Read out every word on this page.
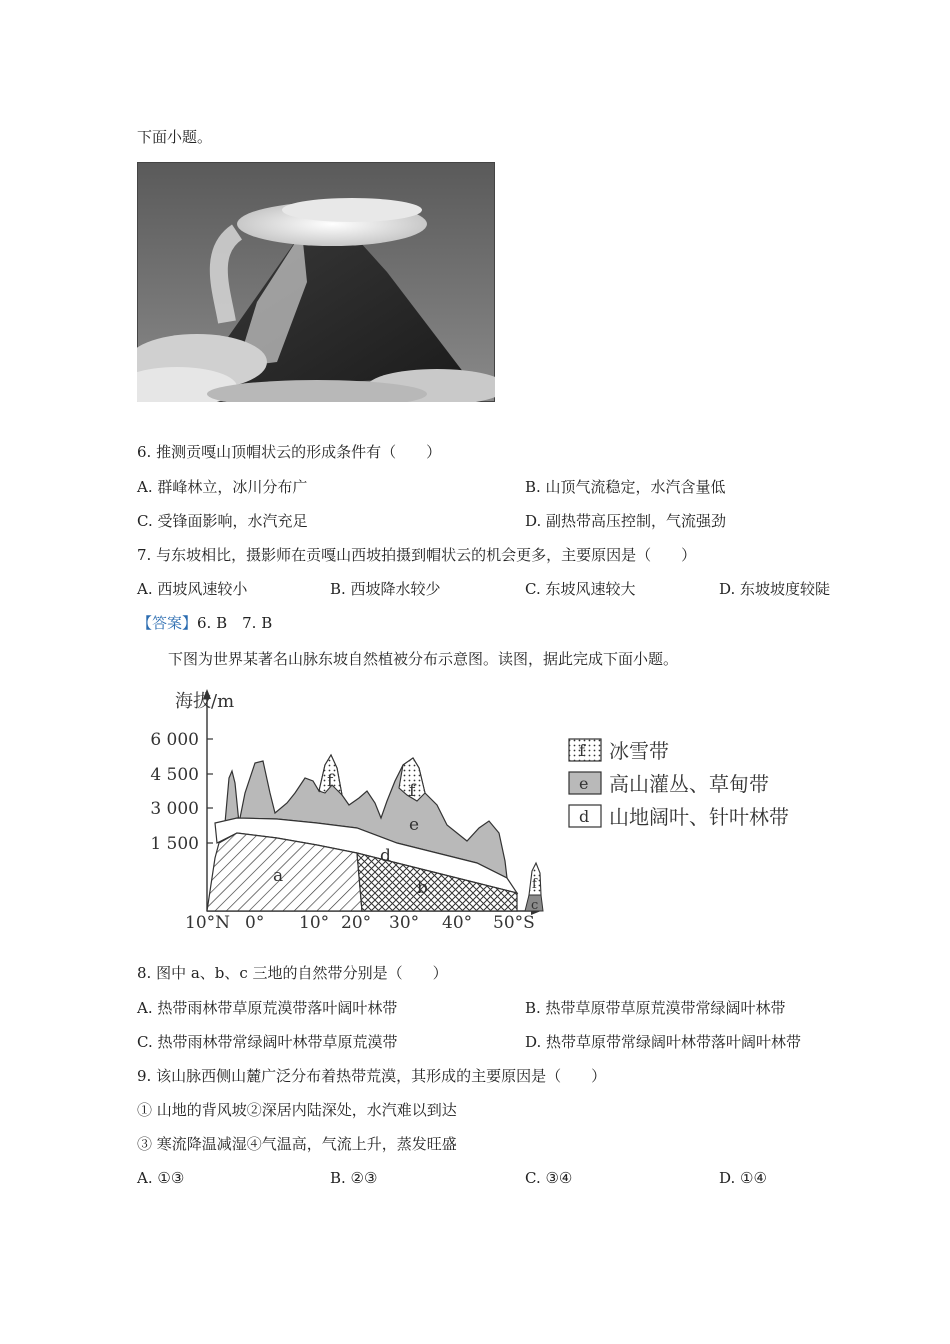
下面小题。
6. 推测贡嘎山顶帽状云的形成条件有（　　）
A. 群峰林立，冰川分布广	B. 山顶气流稳定，水汽含量低
C. 受锋面影响，水汽充足	D. 副热带高压控制，气流强劲
7. 与东坡相比，摄影师在贡嘎山西坡拍摄到帽状云的机会更多，主要原因是（　　）
A. 西坡风速较小	B. 西坡降水较少	C. 东坡风速较大	D. 东坡坡度较陡
【答案】6. B　7. B
下图为世界某著名山脉东坡自然植被分布示意图。读图，据此完成下面小题。
海拔/m
6 000
4 500
3 000
1 500
10°N 0° 10° 20° 30° 40° 50°S
a
b
c
d
e
f	f
f
f 冰雪带
e 高山灌丛、草甸带
d 山地阔叶、针叶林带
8. 图中 a、b、c 三地的自然带分别是（　　）
A. 热带雨林带草原荒漠带落叶阔叶林带	B. 热带草原带草原荒漠带常绿阔叶林带
C. 热带雨林带常绿阔叶林带草原荒漠带	D. 热带草原带常绿阔叶林带落叶阔叶林带
9. 该山脉西侧山麓广泛分布着热带荒漠，其形成的主要原因是（　　）
① 山地的背风坡②深居内陆深处，水汽难以到达
③ 寒流降温减湿④气温高，气流上升，蒸发旺盛
A. ①③	B. ②③	C. ③④	D. ①④
